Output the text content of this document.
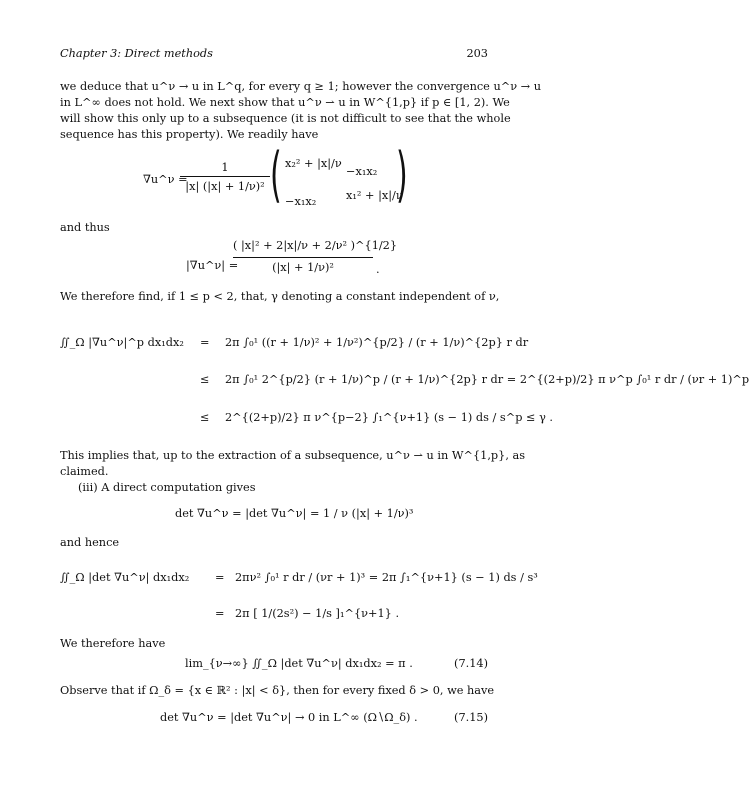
Chapter 3: Direct methods	203
we deduce that u^ν → u in L^q, for every q ≥ 1; however the convergence u^ν → u
in L^∞ does not hold. We next show that u^ν ⇀ u in W^{1,p} if p ∈ [1, 2). We
will show this only up to a subsequence (it is not difficult to see that the whole
sequence has this property). We readily have
∇u^ν =
$\frac{1}{\text{|x| (|x| + 1/ν)²}}$ ( x₂² + |x|/ν
−x₁x₂
−x₁x₂	x₁² + |x|/ν
)
and thus
|∇u^ν| =
$\frac{\text{( |x|² + 2|x|/ν + 2/ν² )\textasciicircum{}\{1/2\}}}{\text{(|x| + 1/ν)²}}$ .
We therefore find, if 1 ≤ p < 2, that, γ denoting a constant independent of ν,
∬_Ω |∇u^ν|^p dx₁dx₂ = 2π ∫₀¹ ((r + 1/ν)² + 1/ν²)^{p/2} / (r + 1/ν)^{2p} r dr
≤ 2π ∫₀¹ 2^{p/2} (r + 1/ν)^p / (r + 1/ν)^{2p} r dr = 2^{(2+p)/2} π ν^p ∫₀¹ r dr / (νr + 1)^p
≤ 2^{(2+p)/2} π ν^{p−2} ∫₁^{ν+1} (s − 1) ds / s^p ≤ γ .
This implies that, up to the extraction of a subsequence, u^ν ⇀ u in W^{1,p}, as
claimed.
(iii) A direct computation gives
det ∇u^ν = |det ∇u^ν| = 1 / ν (|x| + 1/ν)³
and hence
∬_Ω |det ∇u^ν| dx₁dx₂ = 2πν² ∫₀¹ r dr / (νr + 1)³ = 2π ∫₁^{ν+1} (s − 1) ds / s³
= 2π [ 1/(2s²) − 1/s ]₁^{ν+1} .
We therefore have
lim_{ν→∞} ∬_Ω |det ∇u^ν| dx₁dx₂ = π .	(7.14)
Observe that if Ω_δ = {x ∈ ℝ² : |x| < δ}, then for every fixed δ > 0, we have
det ∇u^ν = |det ∇u^ν| → 0 in L^∞ (Ω∖Ω_δ) .	(7.15)
